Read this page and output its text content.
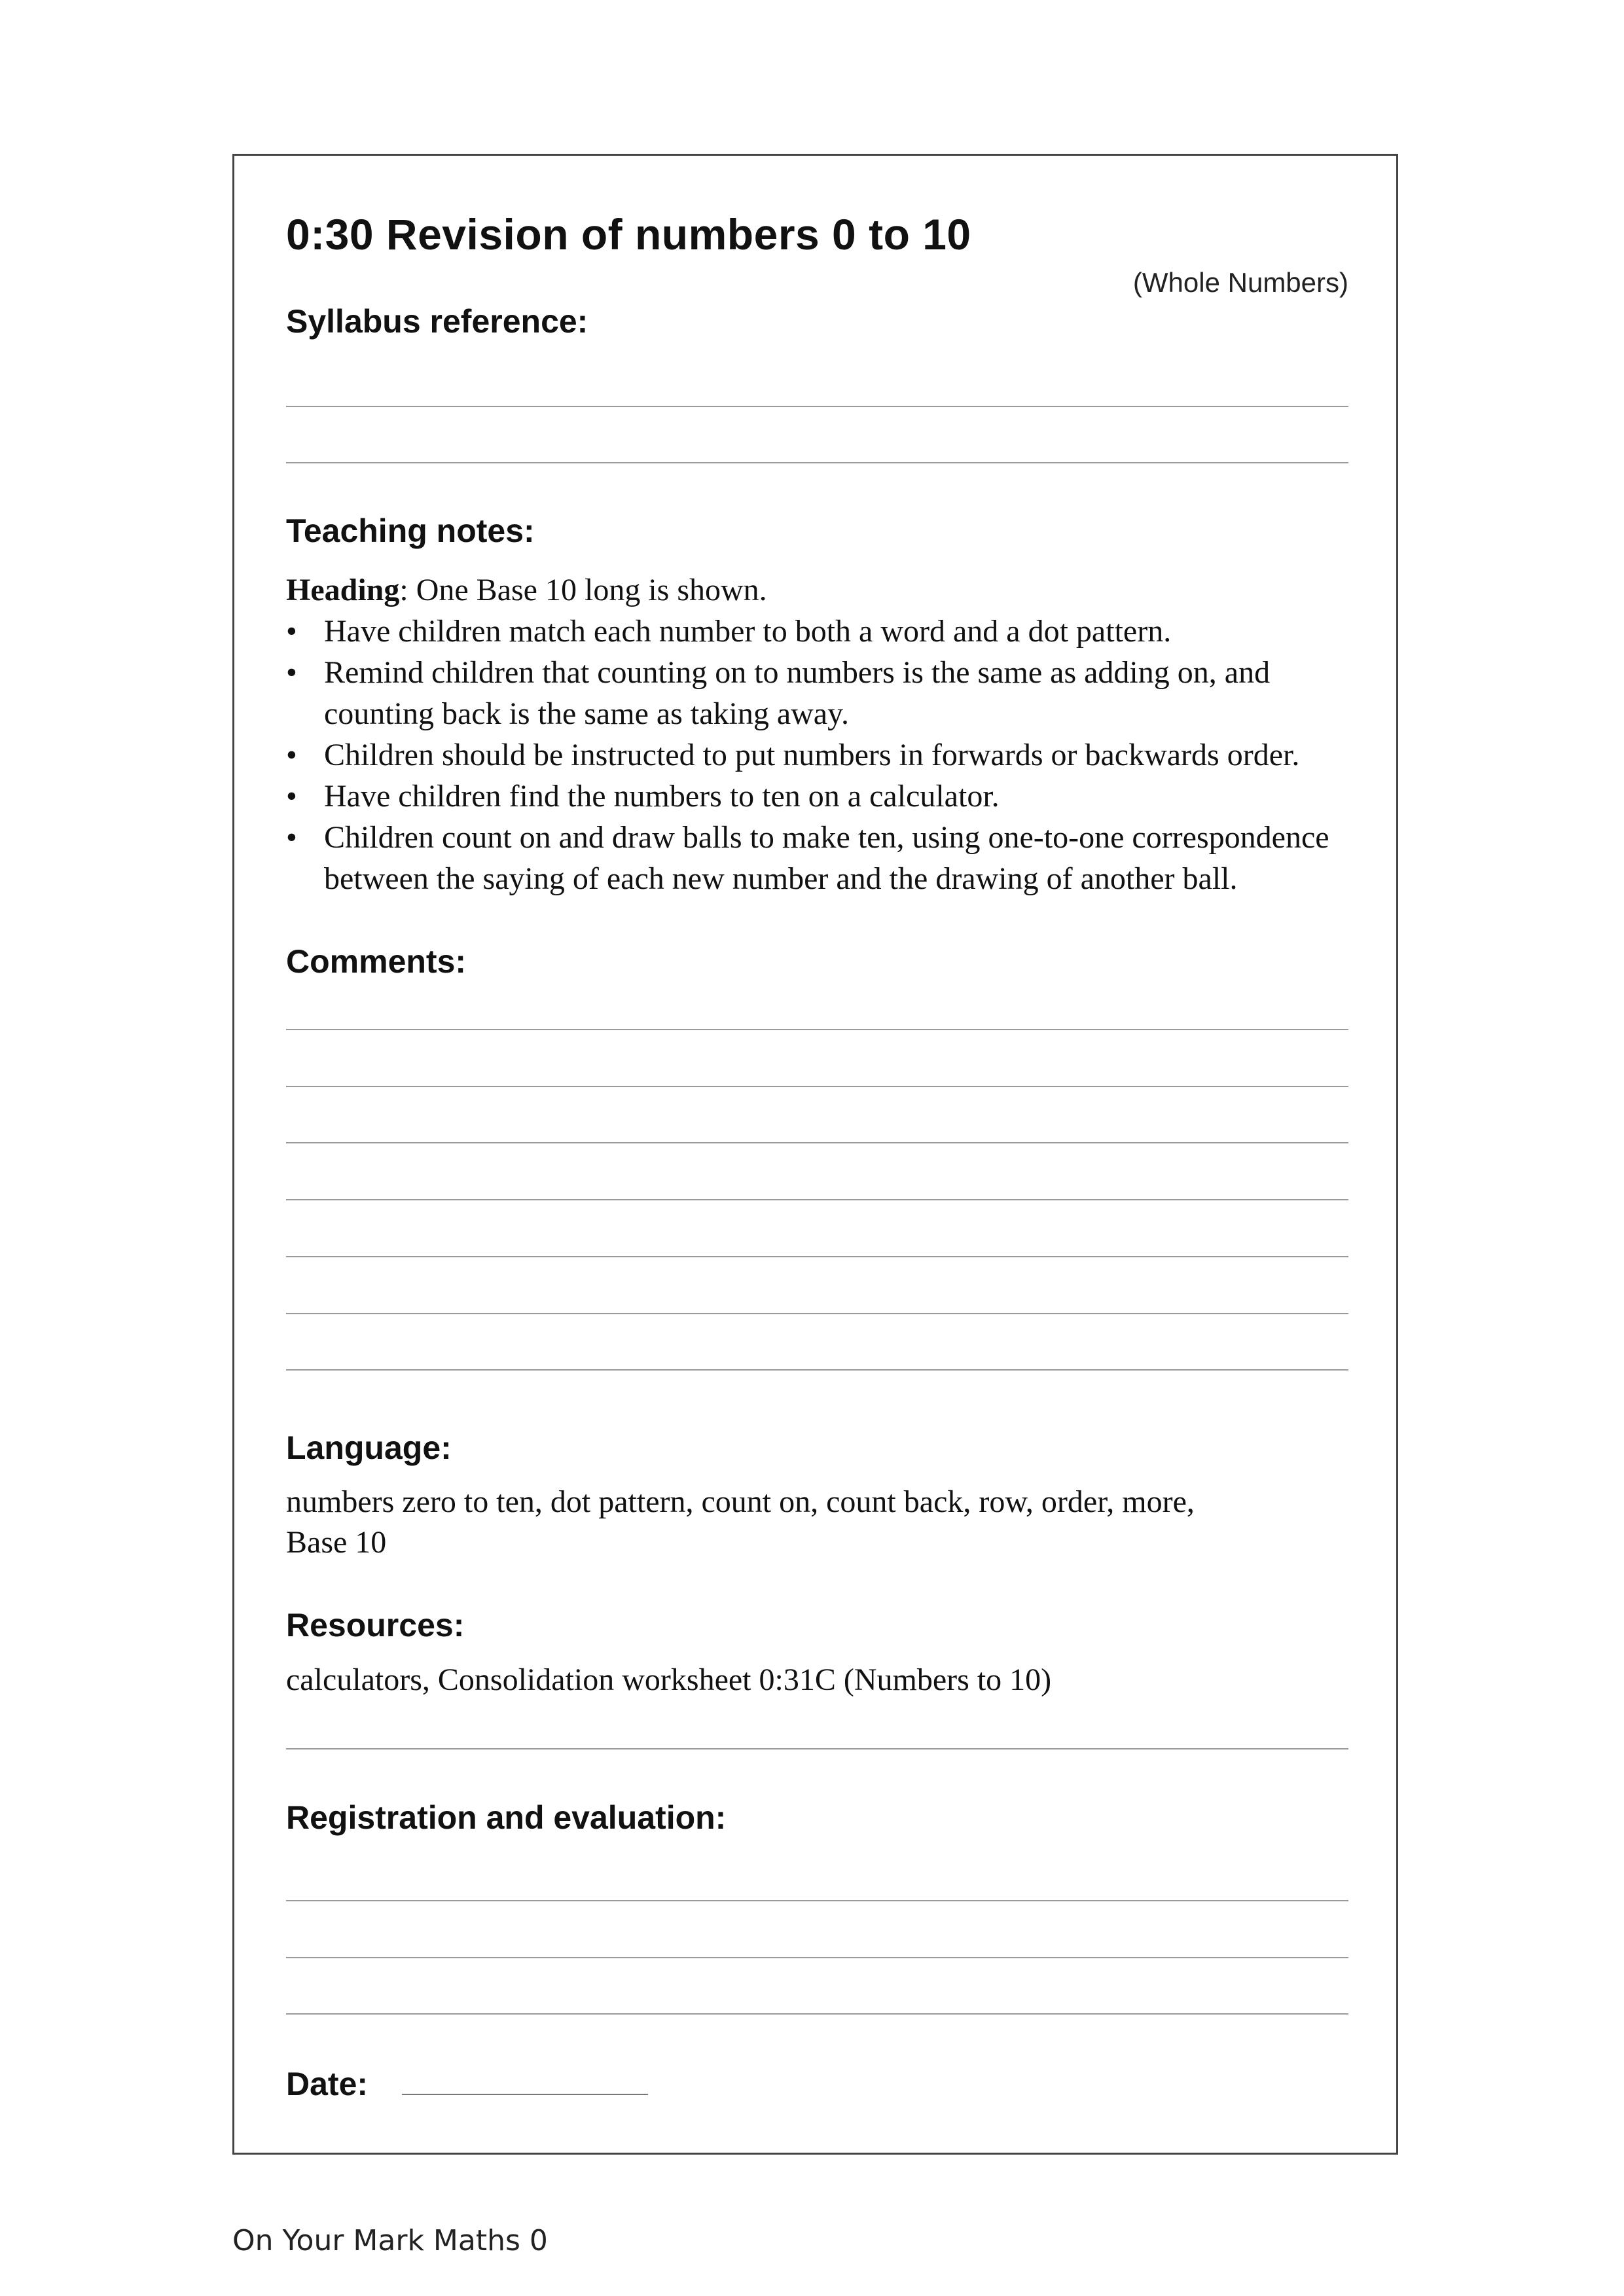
0:30 Revision of numbers 0 to 10
(Whole Numbers)
Syllabus reference:
Teaching notes:
Heading: One Base 10 long is shown.
• Have children match each number to both a word and a dot pattern.
• Remind children that counting on to numbers is the same as adding on, and counting back is the same as taking away.
• Children should be instructed to put numbers in forwards or backwards order.
• Have children find the numbers to ten on a calculator.
• Children count on and draw balls to make ten, using one-to-one correspondence between the saying of each new number and the drawing of another ball.
Comments:
Language:
numbers zero to ten, dot pattern, count on, count back, row, order, more,
Base 10
Resources:
calculators, Consolidation worksheet 0:31C (Numbers to 10)
Registration and evaluation:
Date:
On Your Mark Maths 0
